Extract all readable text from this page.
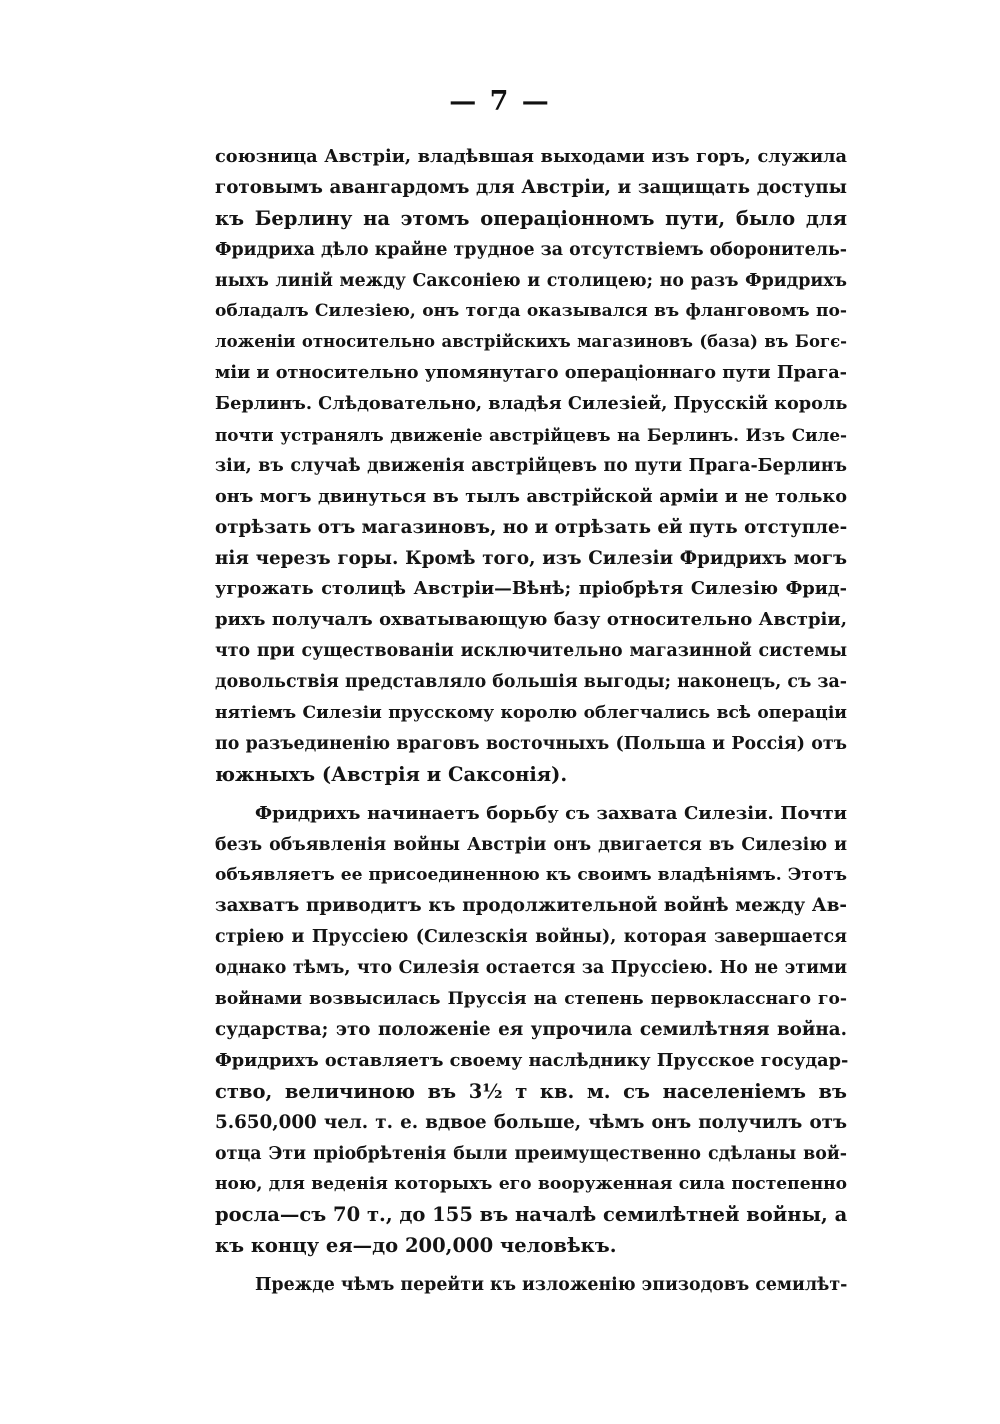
— 7 —
союзница Австріи, владѣвшая выходами изъ горъ, служила
готовымъ авангардомъ для Австріи, и защищать доступы
къ Берлину на этомъ операціонномъ пути, было для
Фридриха дѣло крайне трудное за отсутствіемъ оборонитель-
ныхъ линій между Саксоніею и столицею; но разъ Фридрихъ
обладалъ Силезіею, онъ тогда оказывался въ фланговомъ по-
ложеніи относительно австрійскихъ магазиновъ (база) въ Богє-
міи и относительно упомянутаго операціоннаго пути Прага-
Берлинъ. Слѣдовательно, владѣя Силезіей, Прусскій король
почти устранялъ движеніе австрійцевъ на Берлинъ. Изъ Силе-
зіи, въ случаѣ движенія австрійцевъ по пути Прага-Берлинъ
онъ могъ двинуться въ тылъ австрійской арміи и не только
отрѣзать отъ магазиновъ, но и отрѣзать ей путь отступле-
нія черезъ горы. Кромѣ того, изъ Силезіи Фридрихъ могъ
угрожать столицѣ Австріи—Вѣнѣ; пріобрѣтя Силезію Фрид-
рихъ получалъ охватывающую базу относительно Австріи,
что при существованіи исключительно магазинной системы
довольствія представляло большія выгоды; наконецъ, съ за-
нятіемъ Силезіи прусскому королю облегчались всѣ операціи
по разъединенію враговъ восточныхъ (Польша и Россія) отъ
южныхъ (Австрія и Саксонія).
Фридрихъ начинаетъ борьбу съ захвата Силезіи. Почти
безъ объявленія войны Австріи онъ двигается въ Силезію и
объявляетъ ее присоединенною къ своимъ владѣніямъ. Этотъ
захватъ приводитъ къ продолжительной войнѣ между Ав-
стріею и Пруссіею (Силезскія войны), которая завершается
однако тѣмъ, что Силезія остается за Пруссіею. Но не этими
войнами возвысилась Пруссія на степень первокласснаго го-
сударства; это положеніе ея упрочила семилѣтняя война.
Фридрихъ оставляетъ своему наслѣднику Прусское государ-
ство, величиною въ 3½ т кв. м. съ населеніемъ въ
5.650,000 чел. т. е. вдвое больше, чѣмъ онъ получилъ отъ
отца Эти пріобрѣтенія были преимущественно сдѣланы вой-
ною, для веденія которыхъ его вооруженная сила постепенно
росла—съ 70 т., до 155 въ началѣ семилѣтней войны, а
къ концу ея—до 200,000 человѣкъ.
Прежде чѣмъ перейти къ изложенію эпизодовъ семилѣт-
